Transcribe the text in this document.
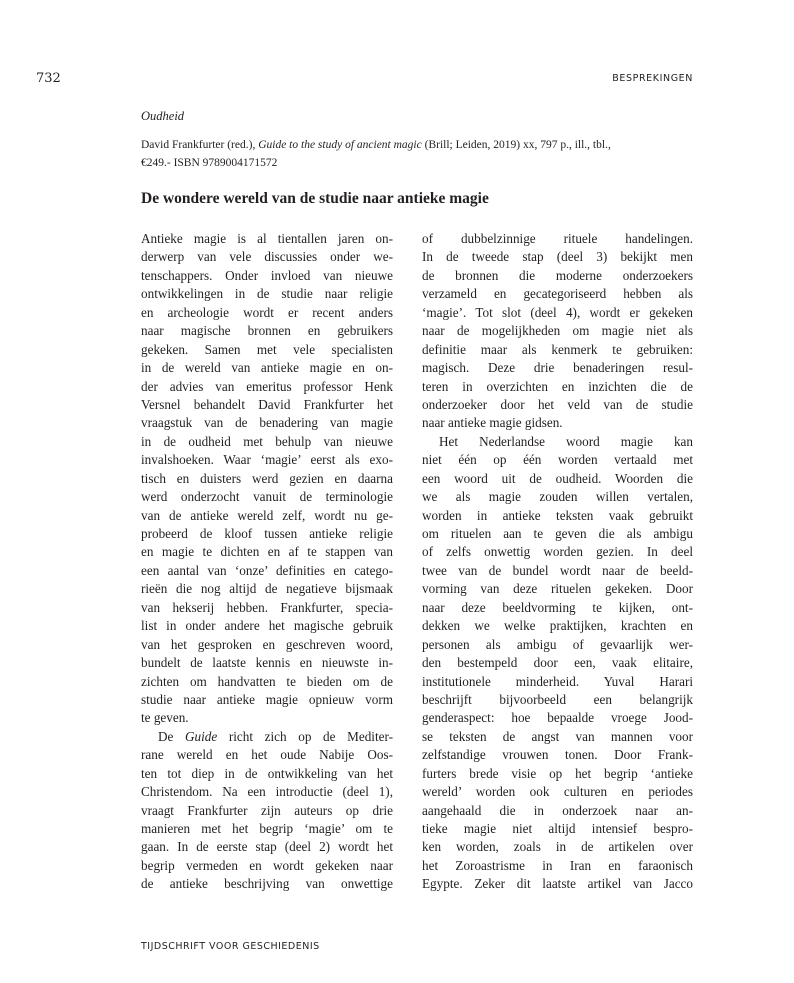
732	BESPREKINGEN
Oudheid
David Frankfurter (red.), Guide to the study of ancient magic (Brill; Leiden, 2019) xx, 797 p., ill., tbl.,
€249.- ISBN 9789004171572
De wondere wereld van de studie naar antieke magie
Antieke magie is al tientallen jaren on-
derwerp van vele discussies onder we-
tenschappers. Onder invloed van nieuwe
ontwikkelingen in de studie naar religie
en archeologie wordt er recent anders
naar magische bronnen en gebruikers
gekeken. Samen met vele specialisten
in de wereld van antieke magie en on-
der advies van emeritus professor Henk
Versnel behandelt David Frankfurter het
vraagstuk van de benadering van magie
in de oudheid met behulp van nieuwe
invalshoeken. Waar ‘magie’ eerst als exo-
tisch en duisters werd gezien en daarna
werd onderzocht vanuit de terminologie
van de antieke wereld zelf, wordt nu ge-
probeerd de kloof tussen antieke religie
en magie te dichten en af te stappen van
een aantal van ‘onze’ definities en catego-
rieën die nog altijd de negatieve bijsmaak
van hekserij hebben. Frankfurter, specia-
list in onder andere het magische gebruik
van het gesproken en geschreven woord,
bundelt de laatste kennis en nieuwste in-
zichten om handvatten te bieden om de
studie naar antieke magie opnieuw vorm
te geven.
De Guide richt zich op de Mediter-
rane wereld en het oude Nabije Oos-
ten tot diep in de ontwikkeling van het
Christendom. Na een introductie (deel 1),
vraagt Frankfurter zijn auteurs op drie
manieren met het begrip ‘magie’ om te
gaan. In de eerste stap (deel 2) wordt het
begrip vermeden en wordt gekeken naar
de antieke beschrijving van onwettige
of dubbelzinnige rituele handelingen.
In de tweede stap (deel 3) bekijkt men
de bronnen die moderne onderzoekers
verzameld en gecategoriseerd hebben als
‘magie’. Tot slot (deel 4), wordt er gekeken
naar de mogelijkheden om magie niet als
definitie maar als kenmerk te gebruiken:
magisch. Deze drie benaderingen resul-
teren in overzichten en inzichten die de
onderzoeker door het veld van de studie
naar antieke magie gidsen.
Het Nederlandse woord magie kan
niet één op één worden vertaald met
een woord uit de oudheid. Woorden die
we als magie zouden willen vertalen,
worden in antieke teksten vaak gebruikt
om rituelen aan te geven die als ambigu
of zelfs onwettig worden gezien. In deel
twee van de bundel wordt naar de beeld-
vorming van deze rituelen gekeken. Door
naar deze beeldvorming te kijken, ont-
dekken we welke praktijken, krachten en
personen als ambigu of gevaarlijk wer-
den bestempeld door een, vaak elitaire,
institutionele minderheid. Yuval Harari
beschrijft bijvoorbeeld een belangrijk
genderaspect: hoe bepaalde vroege Jood-
se teksten de angst van mannen voor
zelfstandige vrouwen tonen. Door Frank-
furters brede visie op het begrip ‘antieke
wereld’ worden ook culturen en periodes
aangehaald die in onderzoek naar an-
tieke magie niet altijd intensief bespro-
ken worden, zoals in de artikelen over
het Zoroastrisme in Iran en faraonisch
Egypte. Zeker dit laatste artikel van Jacco
TIJDSCHRIFT VOOR GESCHIEDENIS
